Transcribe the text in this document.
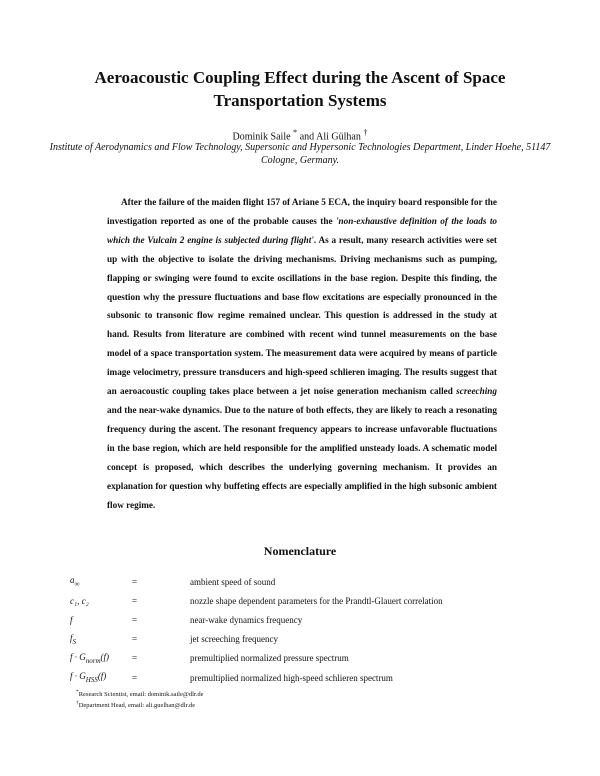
Aeroacoustic Coupling Effect during the Ascent of Space Transportation Systems
Dominik Saile * and Ali Gülhan †
Institute of Aerodynamics and Flow Technology, Supersonic and Hypersonic Technologies Department, Linder Hoehe, 51147 Cologne, Germany.

After the failure of the maiden flight 157 of Ariane 5 ECA, the inquiry board responsible for the investigation reported as one of the probable causes the 'non-exhaustive definition of the loads to which the Vulcain 2 engine is subjected during flight'. As a result, many research activities were set up with the objective to isolate the driving mechanisms. Driving mechanisms such as pumping, flapping or swinging were found to excite oscillations in the base region. Despite this finding, the question why the pressure fluctuations and base flow excitations are especially pronounced in the subsonic to transonic flow regime remained unclear. This question is addressed in the study at hand. Results from literature are combined with recent wind tunnel measurements on the base model of a space transportation system. The measurement data were acquired by means of particle image velocimetry, pressure transducers and high-speed schlieren imaging. The results suggest that an aeroacoustic coupling takes place between a jet noise generation mechanism called screeching and the near-wake dynamics. Due to the nature of both effects, they are likely to reach a resonating frequency during the ascent. The resonant frequency appears to increase unfavorable fluctuations in the base region, which are held responsible for the amplified unsteady loads. A schematic model concept is proposed, which describes the underlying governing mechanism. It provides an explanation for question why buffeting effects are especially amplified in the high subsonic ambient flow regime.

Nomenclature
$a_\infty$	=	ambient speed of sound
c₁, c₂	=	nozzle shape dependent parameters for the Prandtl-Glauert correlation
f	=	near-wake dynamics frequency
$f_S$	=	jet screeching frequency
$f \cdot G_{norm}(f)$	=	premultiplied normalized pressure spectrum
$f \cdot G_{HSS}(f)$	=	premultiplied normalized high-speed schlieren spectrum
*Research Scientist, email: dominik.saile@dlr.de
†Department Head, email: ali.guelhan@dlr.de
